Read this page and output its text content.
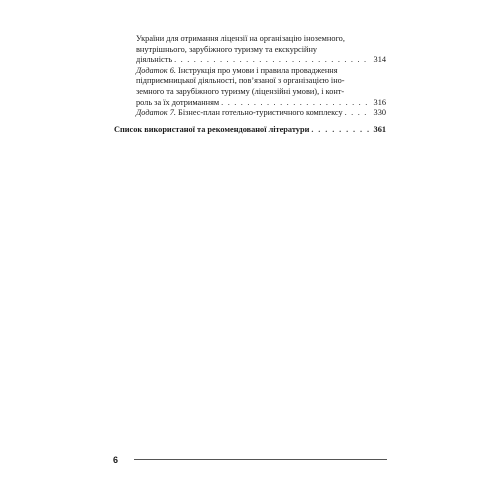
України для отримання ліцензії на організацію іноземного,
внутрішнього, зарубіжного туризму та екскурсійну
діяльність . . .	314
Додаток 6. Інструкція про умови і правила провадження
підприємницької діяльності, пов’язаної з організацією іно-
земного та зарубіжного туризму (ліцензійні умови), і конт-
роль за їх дотриманням . . .	316
Додаток 7. Бізнес-план готельно-туристичного комплексу . . .	330
Список використаної та рекомендованої літератури . . .	361
6
